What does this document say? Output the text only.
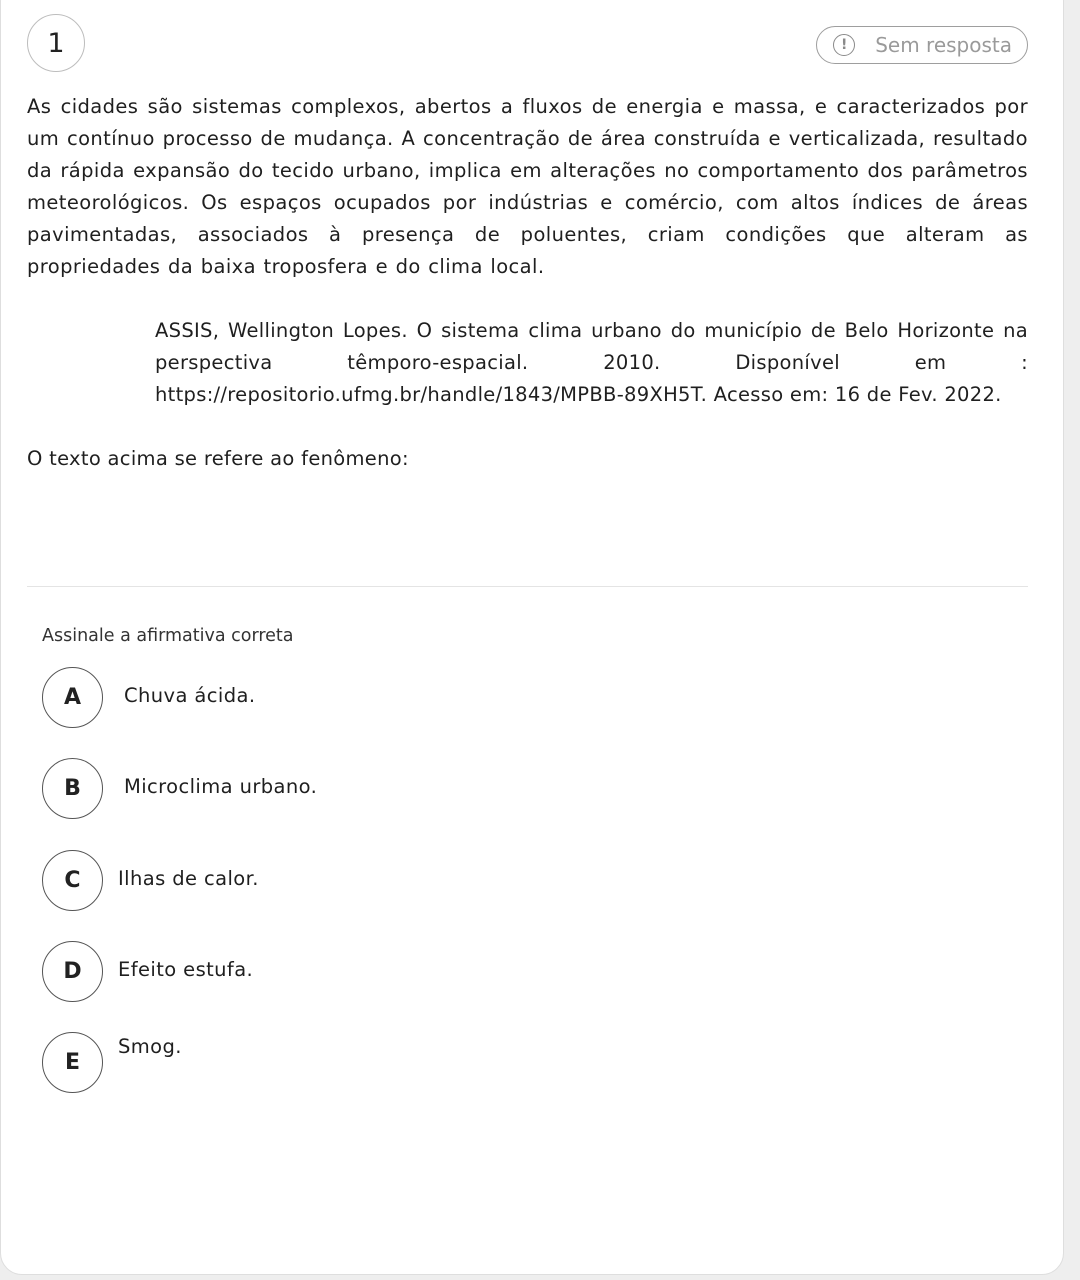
1	!	Sem resposta
As cidades são sistemas complexos, abertos a fluxos de energia e massa, e caracterizados por um contínuo processo de mudança. A concentração de área construída e verticalizada, resultado da rápida expansão do tecido urbano, implica em alterações no comportamento dos parâmetros meteorológicos. Os espaços ocupados por indústrias e comércio, com altos índices de áreas pavimentadas, associados à presença de poluentes, criam condições que alteram as propriedades da baixa troposfera e do clima local.
ASSIS, Wellington Lopes. O sistema clima urbano do município de Belo Horizonte na perspectiva têmporo-espacial. 2010. Disponível em : https://repositorio.ufmg.br/handle/1843/MPBB-89XH5T. Acesso em: 16 de Fev. 2022.
O texto acima se refere ao fenômeno:
Assinale a afirmativa correta
A	Chuva ácida.
B	Microclima urbano.
C	Ilhas de calor.
D	Efeito estufa.
E
Smog.
